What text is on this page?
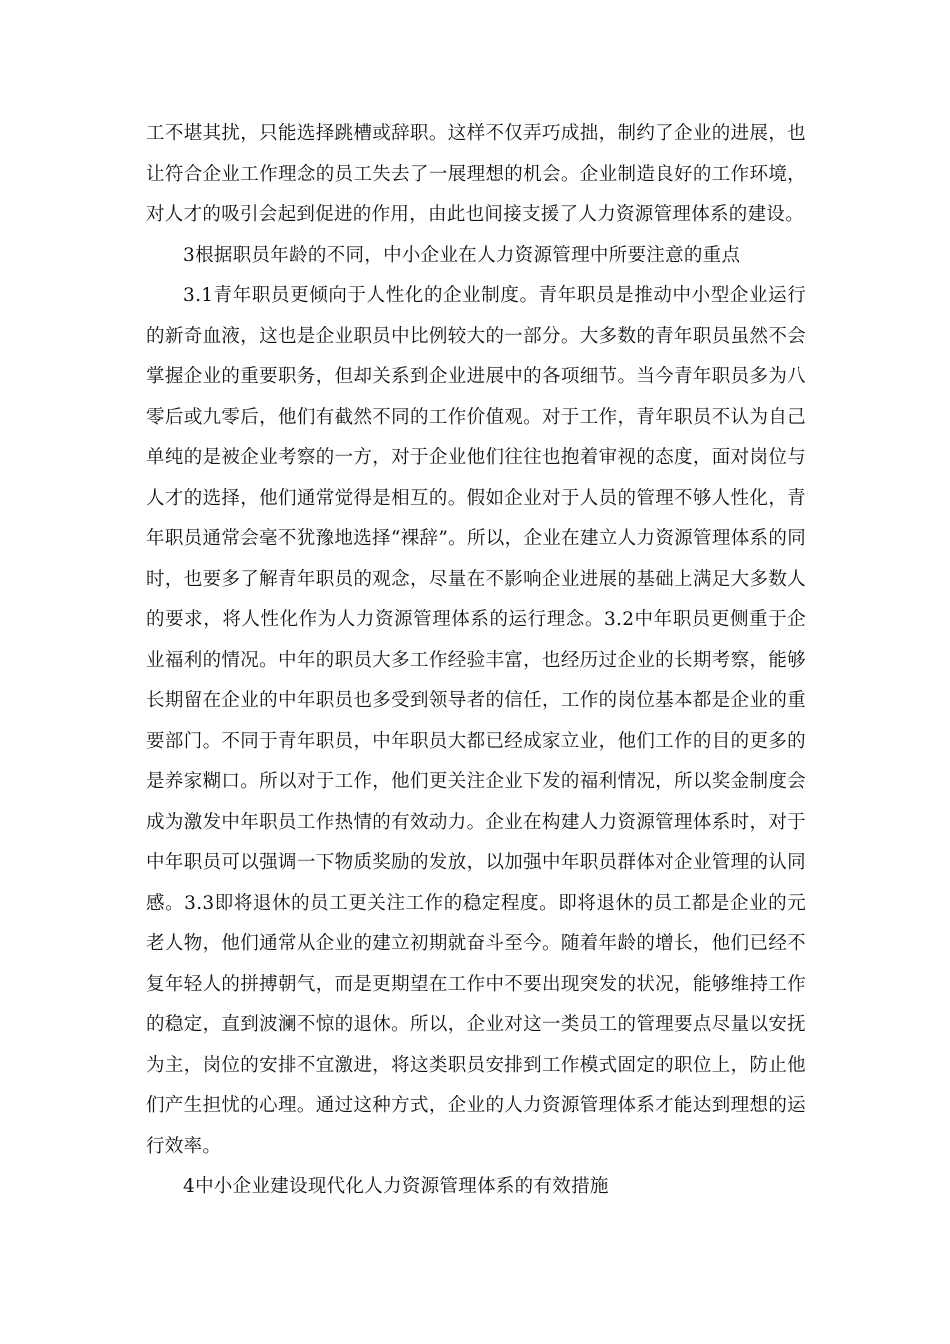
工不堪其扰，只能选择跳槽或辞职。这样不仅弄巧成拙，制约了企业的进展，也让符合企业工作理念的员工失去了一展理想的机会。企业制造良好的工作环境，对人才的吸引会起到促进的作用，由此也间接支援了人力资源管理体系的建设。

3根据职员年龄的不同，中小企业在人力资源管理中所要注意的重点

3.1青年职员更倾向于人性化的企业制度。青年职员是推动中小型企业运行的新奇血液，这也是企业职员中比例较大的一部分。大多数的青年职员虽然不会掌握企业的重要职务，但却关系到企业进展中的各项细节。当今青年职员多为八零后或九零后，他们有截然不同的工作价值观。对于工作，青年职员不认为自己单纯的是被企业考察的一方，对于企业他们往往也抱着审视的态度，面对岗位与人才的选择，他们通常觉得是相互的。假如企业对于人员的管理不够人性化，青年职员通常会毫不犹豫地选择“裸辞”。所以，企业在建立人力资源管理体系的同时，也要多了解青年职员的观念，尽量在不影响企业进展的基础上满足大多数人的要求，将人性化作为人力资源管理体系的运行理念。3.2中年职员更侧重于企业福利的情况。中年的职员大多工作经验丰富，也经历过企业的长期考察，能够长期留在企业的中年职员也多受到领导者的信任，工作的岗位基本都是企业的重要部门。不同于青年职员，中年职员大都已经成家立业，他们工作的目的更多的是养家糊口。所以对于工作，他们更关注企业下发的福利情况，所以奖金制度会成为激发中年职员工作热情的有效动力。企业在构建人力资源管理体系时，对于中年职员可以强调一下物质奖励的发放，以加强中年职员群体对企业管理的认同感。3.3即将退休的员工更关注工作的稳定程度。即将退休的员工都是企业的元老人物，他们通常从企业的建立初期就奋斗至今。随着年龄的增长，他们已经不复年轻人的拼搏朝气，而是更期望在工作中不要出现突发的状况，能够维持工作的稳定，直到波澜不惊的退休。所以，企业对这一类员工的管理要点尽量以安抚为主，岗位的安排不宜激进，将这类职员安排到工作模式固定的职位上，防止他们产生担忧的心理。通过这种方式，企业的人力资源管理体系才能达到理想的运行效率。

4中小企业建设现代化人力资源管理体系的有效措施
